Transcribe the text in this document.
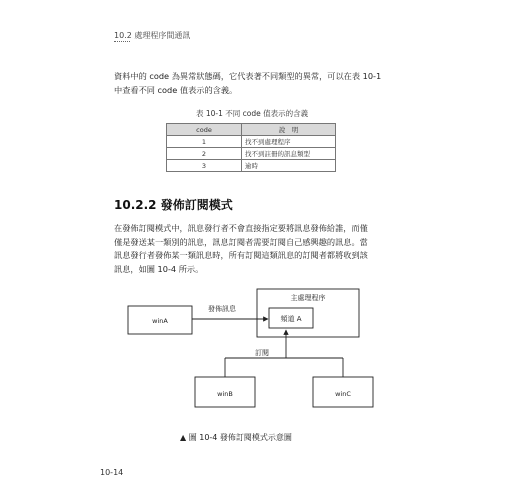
10.2 處理程序間通訊

資料中的 code 為異常狀態碼，它代表著不同類型的異常，可以在表 10-1

中查看不同 code 值表示的含義。

表 10-1 不同 code 值表示的含義
code	說　明
1	找不到處理程序
2	找不到註冊的訊息類型
3	逾時
10.2.2 發佈訂閱模式

在發佈訂閱模式中，訊息發行者不會直接指定要將訊息發佈給誰，而僅

僅是發送某一類別的訊息，訊息訂閱者需要訂閱自己感興趣的訊息。當

訊息發行者發佈某一類訊息時，所有訂閱這類訊息的訂閱者都將收到該

訊息，如圖 10-4 所示。

主處理程序
頻道 A
winA
發佈訊息
訂閱
winB	winC
▲ 圖 10-4 發佈訂閱模式示意圖
10-14
